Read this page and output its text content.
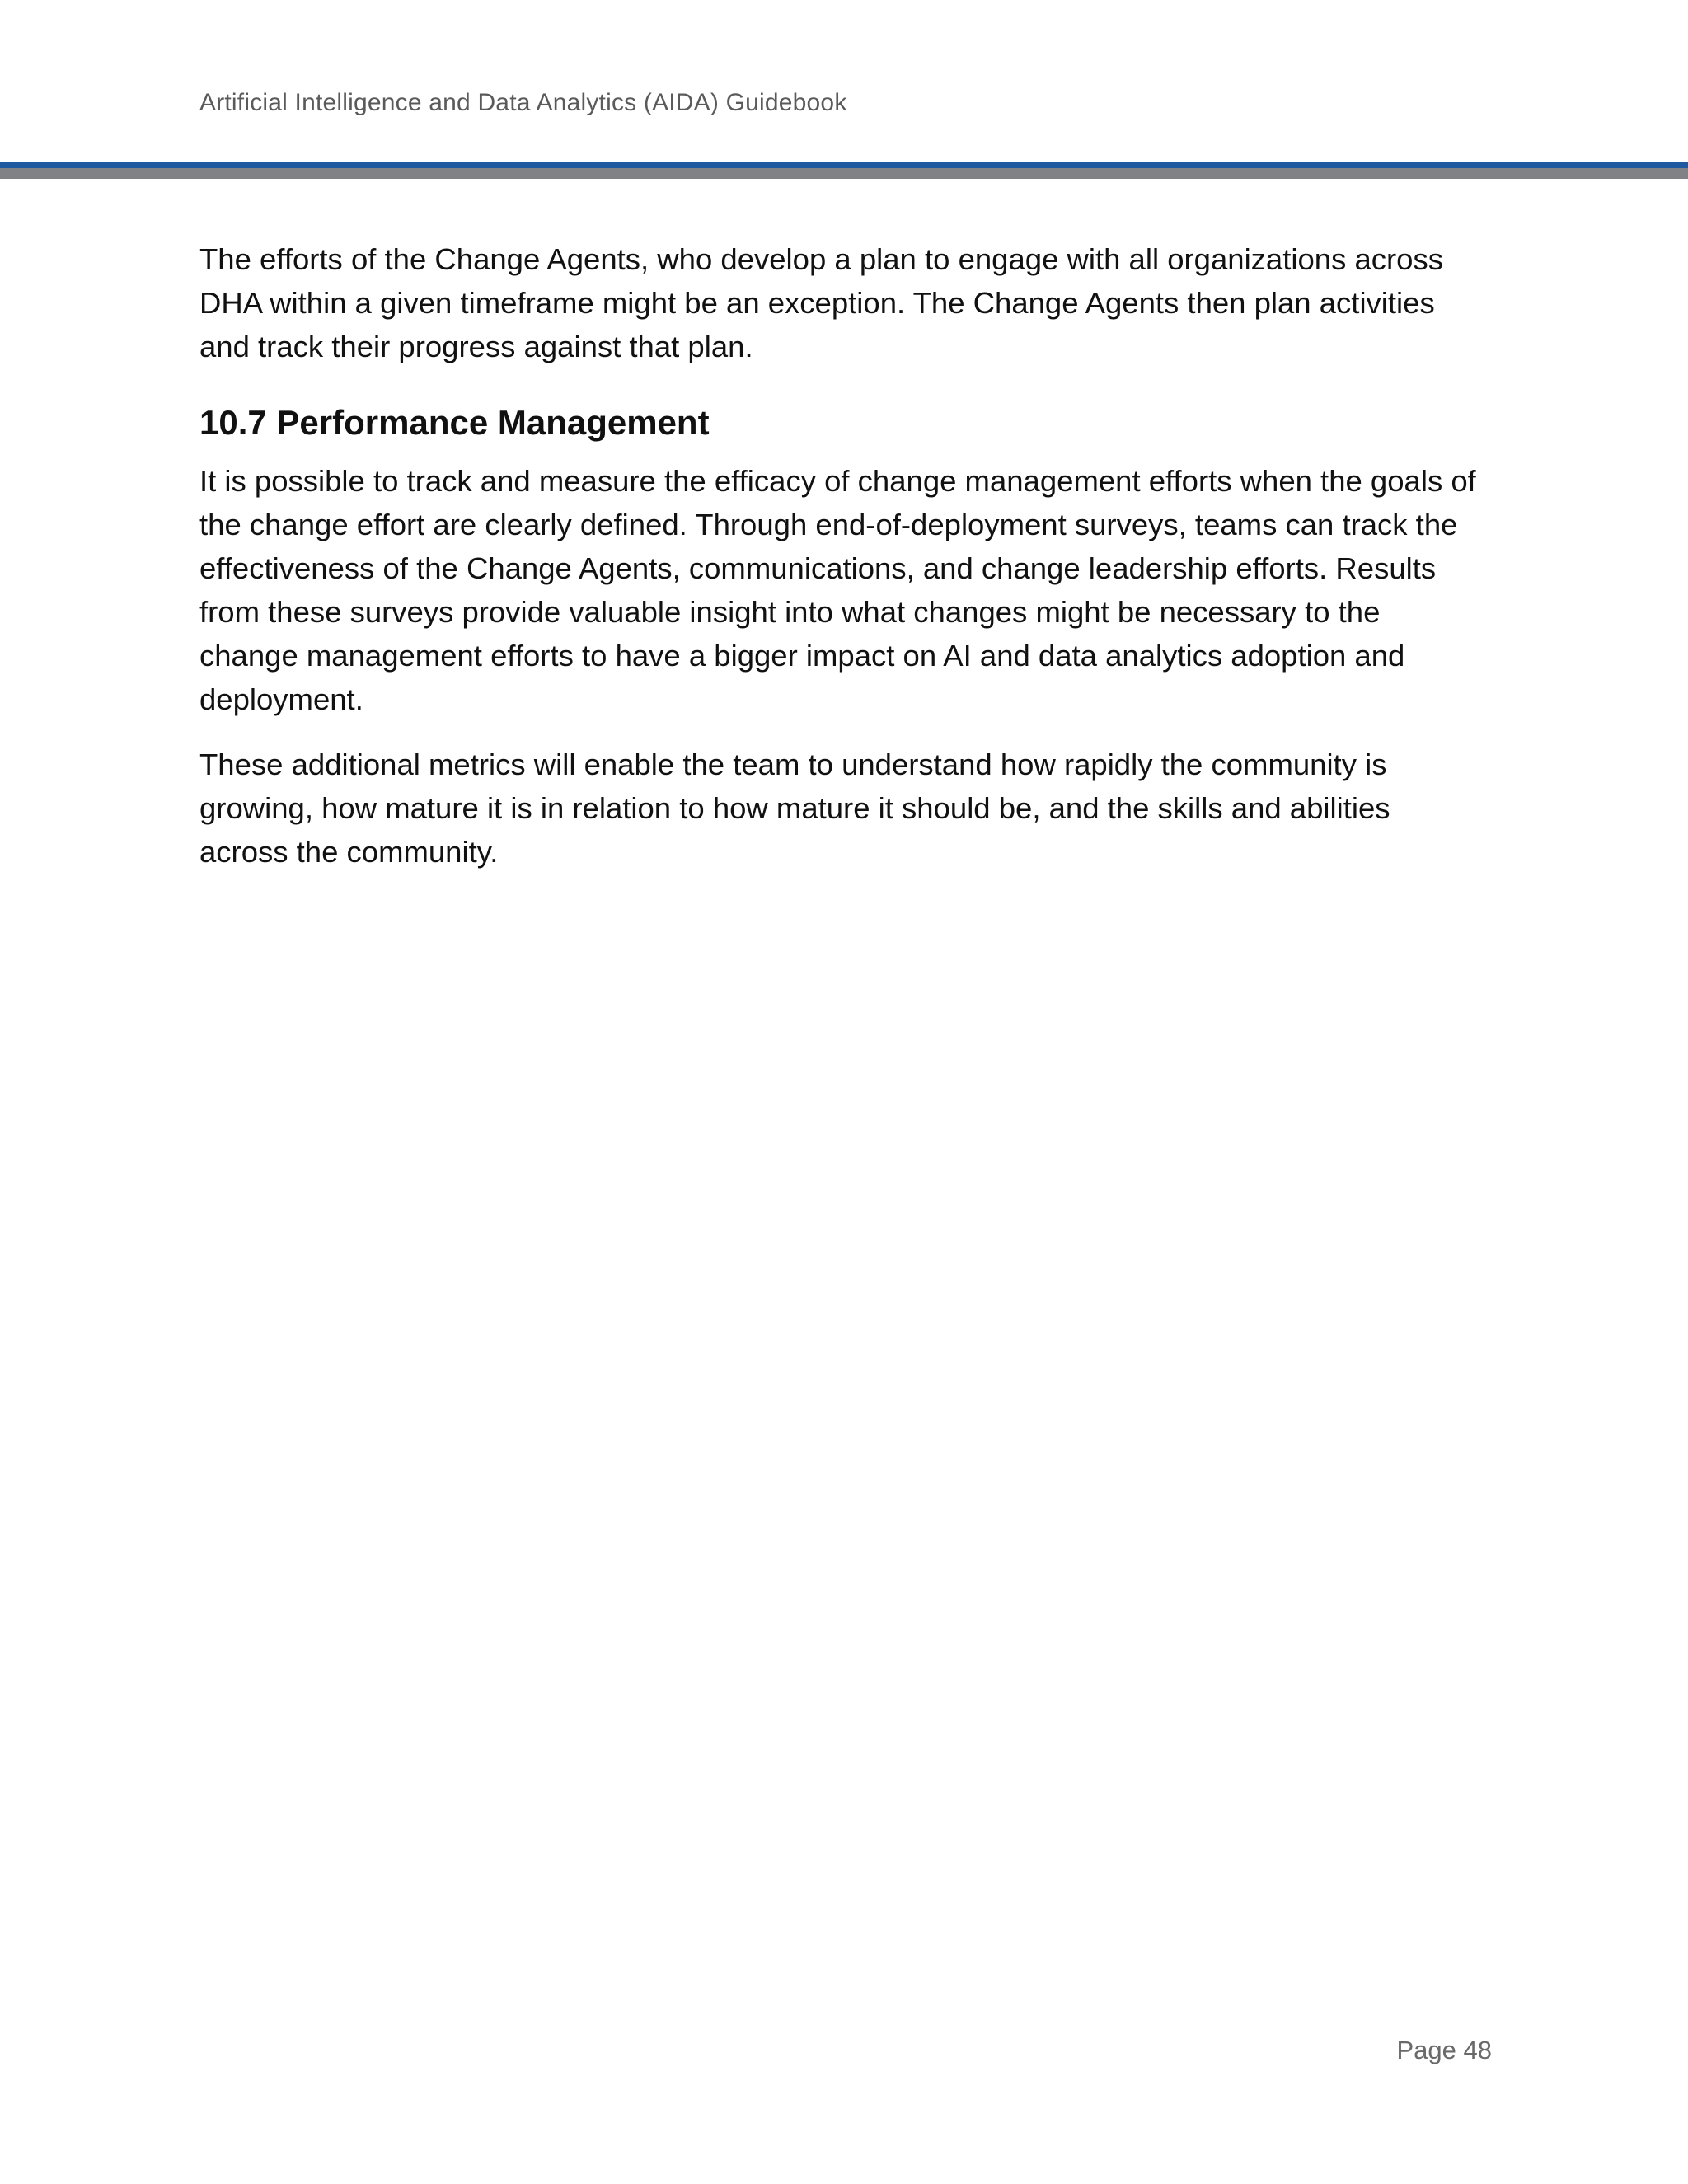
Artificial Intelligence and Data Analytics (AIDA) Guidebook

The efforts of the Change Agents, who develop a plan to engage with all organizations across DHA within a given timeframe might be an exception. The Change Agents then plan activities and track their progress against that plan.

10.7 Performance Management

It is possible to track and measure the efficacy of change management efforts when the goals of the change effort are clearly defined. Through end-of-deployment surveys, teams can track the effectiveness of the Change Agents, communications, and change leadership efforts. Results from these surveys provide valuable insight into what changes might be necessary to the change management efforts to have a bigger impact on AI and data analytics adoption and deployment.

These additional metrics will enable the team to understand how rapidly the community is growing, how mature it is in relation to how mature it should be, and the skills and abilities across the community.

Page 48
